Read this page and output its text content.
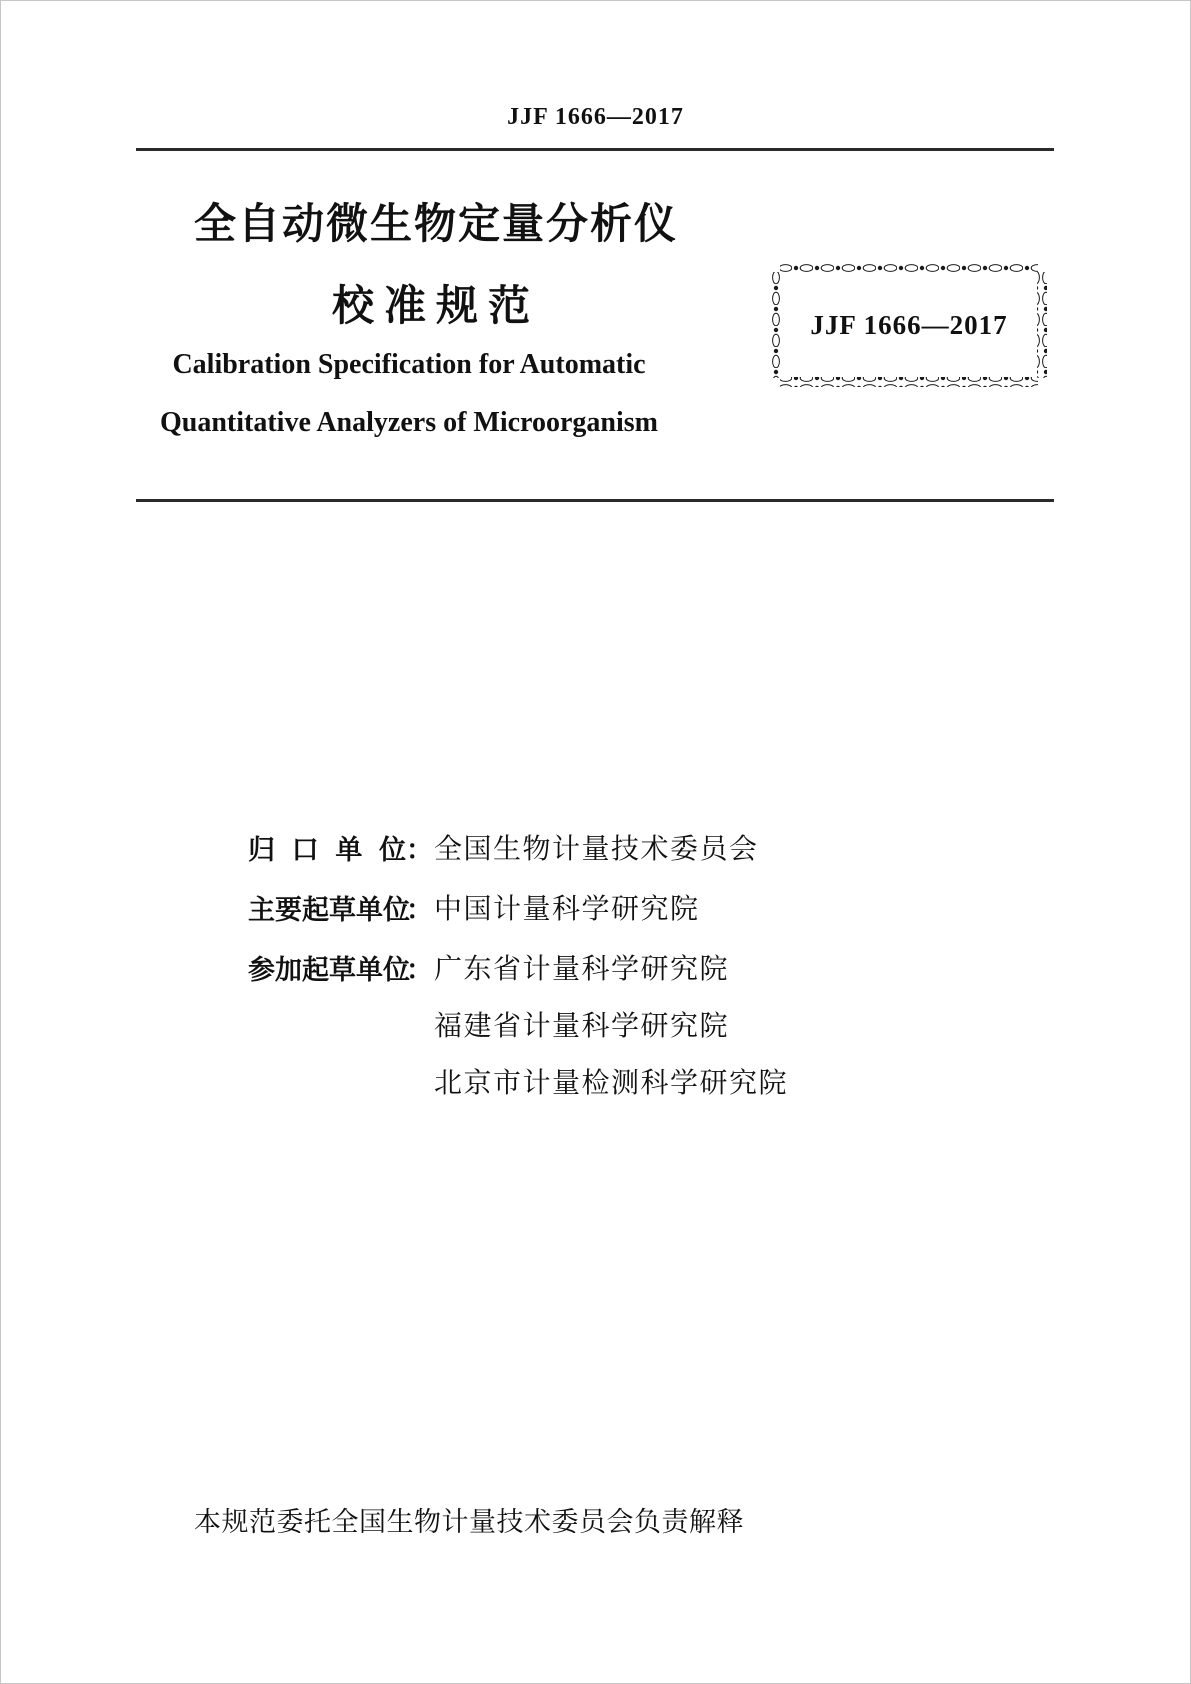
JJF 1666—2017
全自动微生物定量分析仪
校准规范
Calibration Specification for Automatic
Quantitative Analyzers of Microorganism
JJF 1666—2017
归口单位：全国生物计量技术委员会
主要起草单位：中国计量科学研究院
参加起草单位：广东省计量科学研究院
福建省计量科学研究院
北京市计量检测科学研究院
本规范委托全国生物计量技术委员会负责解释
